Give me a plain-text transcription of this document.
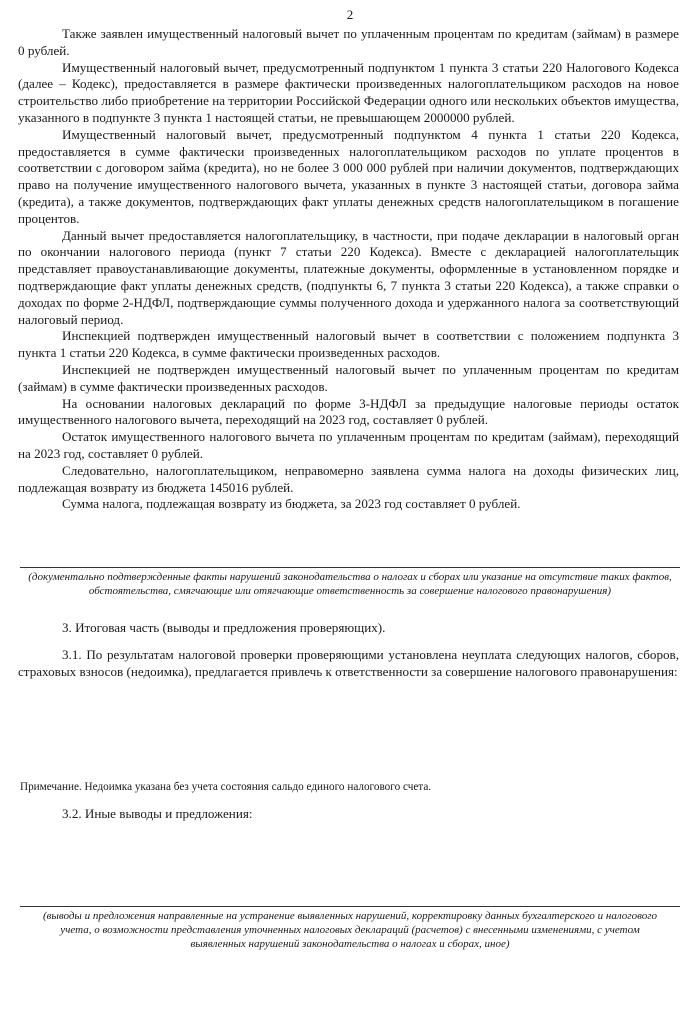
2

Также заявлен имущественный налоговый вычет по уплаченным процентам по кредитам (займам) в размере 0 рублей.

Имущественный налоговый вычет, предусмотренный подпунктом 1 пункта 3 статьи 220 Налогового Кодекса (далее – Кодекс), предоставляется в размере фактически произведенных налогоплательщиком расходов на новое строительство либо приобретение на территории Российской Федерации одного или нескольких объектов имущества, указанного в подпункте 3 пункта 1 настоящей статьи, не превышающем 2000000 рублей.

Имущественный налоговый вычет, предусмотренный подпунктом 4 пункта 1 статьи 220 Кодекса, предоставляется в сумме фактически произведенных налогоплательщиком расходов по уплате процентов в соответствии с договором займа (кредита), но не более 3 000 000 рублей при наличии документов, подтверждающих право на получение имущественного налогового вычета, указанных в пункте 3 настоящей статьи, договора займа (кредита), а также документов, подтверждающих факт уплаты денежных средств налогоплательщиком в погашение процентов.

Данный вычет предоставляется налогоплательщику, в частности, при подаче декларации в налоговый орган по окончании налогового периода (пункт 7 статьи 220 Кодекса). Вместе с декларацией налогоплательщик представляет правоустанавливающие документы, платежные документы, оформленные в установленном порядке и подтверждающие факт уплаты денежных средств, (подпункты 6, 7 пункта 3 статьи 220 Кодекса), а также справки о доходах по форме 2-НДФЛ, подтверждающие суммы полученного дохода и удержанного налога за соответствующий налоговый период.

Инспекцией подтвержден имущественный налоговый вычет в соответствии с положением подпункта 3 пункта 1 статьи 220 Кодекса, в сумме фактически произведенных расходов.

Инспекцией не подтвержден имущественный налоговый вычет по уплаченным процентам по кредитам (займам) в сумме фактически произведенных расходов.

На основании налоговых деклараций по форме 3-НДФЛ за предыдущие налоговые периоды остаток имущественного налогового вычета, переходящий на 2023 год, составляет 0 рублей.

Остаток имущественного налогового вычета по уплаченным процентам по кредитам (займам), переходящий на 2023 год, составляет 0 рублей.

Следовательно, налогоплательщиком, неправомерно заявлена сумма налога на доходы физических лиц, подлежащая возврату из бюджета 145016 рублей.

Сумма налога, подлежащая возврату из бюджета, за 2023 год составляет 0 рублей.

(документально подтвержденные факты нарушений законодательства о налогах и сборах или указание на отсутствие таких фактов, обстоятельства, смягчающие или отягчающие ответственность за совершение налогового правонарушения)
3. Итоговая часть (выводы и предложения проверяющих).
3.1. По результатам налоговой проверки проверяющими установлена неуплата следующих налогов, сборов, страховых взносов (недоимка), предлагается привлечь к ответственности за совершение налогового правонарушения:
Примечание. Недоимка указана без учета состояния сальдо единого налогового счета.
3.2. Иные выводы и предложения:
(выводы и предложения направленные на устранение выявленных нарушений, корректировку данных бухгалтерского и налогового учета, о возможности представления уточненных налоговых деклараций (расчетов) с внесенными изменениями, с учетом выявленных нарушений законодательства о налогах и сборах, иное)
